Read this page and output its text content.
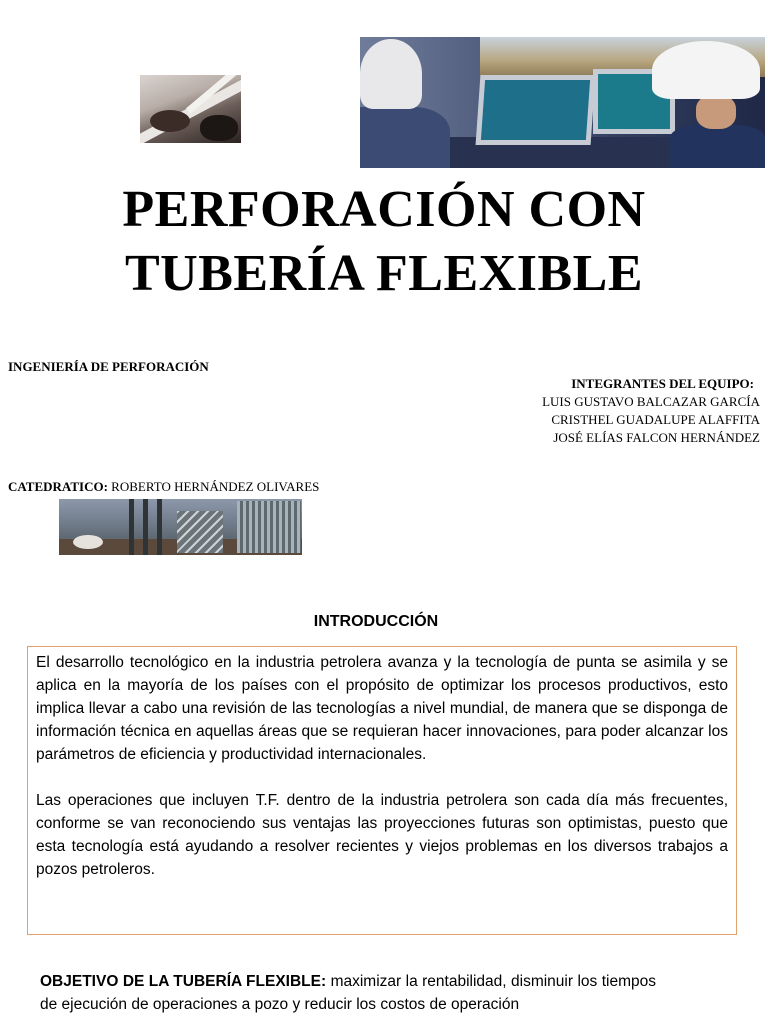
PERFORACIÓN CON
TUBERÍA FLEXIBLE
INGENIERÍA DE PERFORACIÓN
INTEGRANTES DEL EQUIPO:
LUIS GUSTAVO BALCAZAR GARCÍA
CRISTHEL GUADALUPE ALAFFITA
JOSÉ ELÍAS FALCON HERNÁNDEZ
CATEDRATICO: ROBERTO HERNÁNDEZ OLIVARES
INTRODUCCIÓN

El desarrollo tecnológico en la industria petrolera avanza y la tecnología de punta se asimila y se aplica en la mayoría de los países con el propósito de optimizar los procesos productivos, esto implica llevar a cabo una revisión de las tecnologías a nivel mundial, de manera que se disponga de información técnica en aquellas áreas que se requieran hacer innovaciones, para poder alcanzar los parámetros de eficiencia y productividad internacionales.

Las operaciones que incluyen T.F. dentro de la industria petrolera son cada día más frecuentes, conforme se van reconociendo sus ventajas las proyecciones futuras son optimistas, puesto que esta tecnología está ayudando a resolver recientes y viejos problemas en los diversos trabajos a pozos petroleros.

OBJETIVO DE LA TUBERÍA FLEXIBLE: maximizar la rentabilidad, disminuir los tiempos de ejecución de operaciones a pozo y reducir los costos de operación
